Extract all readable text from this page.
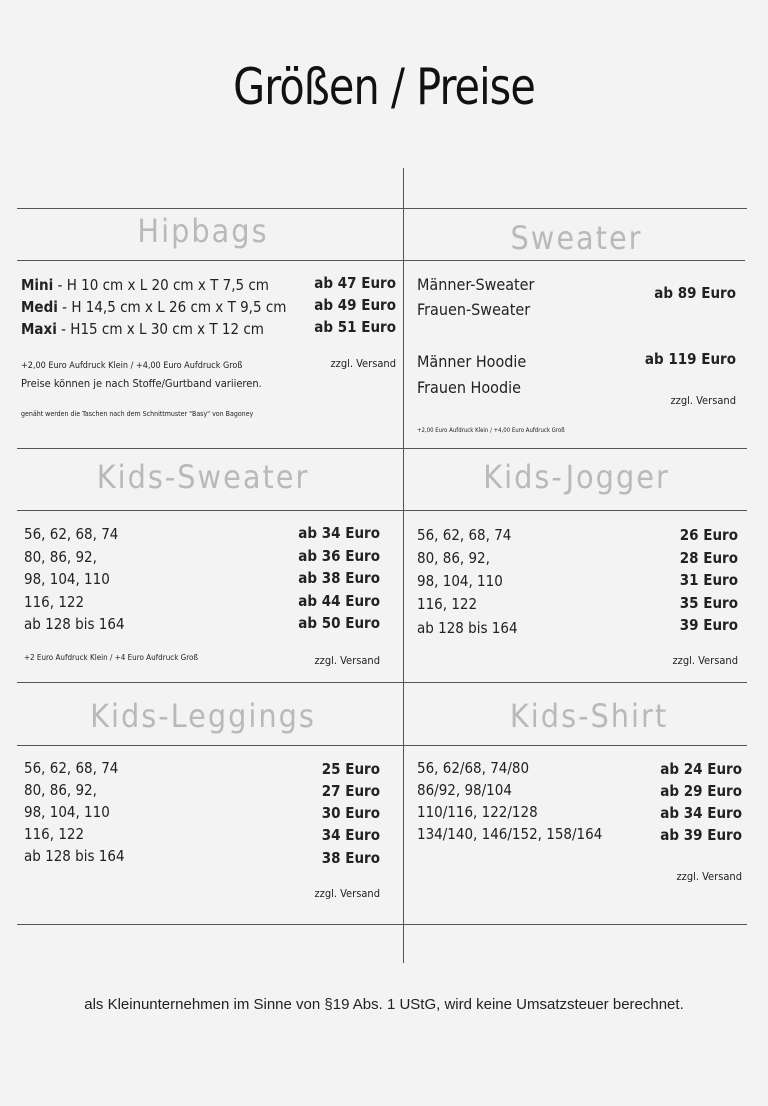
Größen / Preise
Hipbags
Mini - H 10 cm x L 20 cm x T 7,5 cm	ab 47 Euro
Medi - H 14,5 cm x L 26 cm x T 9,5 cm ab 49 Euro
Maxi - H15 cm x L 30 cm x T 12 cm	ab 51 Euro
+2,00 Euro Aufdruck Klein / +4,00 Euro Aufdruck Groß
Preise können je nach Stoffe/Gurtband variieren.
genäht werden die Taschen nach dem Schnittmuster "Basy" von Bagoney
zzgl. Versand
Sweater
Männer-Sweater
Frauen-Sweater
ab 89 Euro
Männer Hoodie
Frauen Hoodie
ab 119 Euro
zzgl. Versand
+2,00 Euro Aufdruck Klein / +4,00 Euro Aufdruck Groß
Kids-Sweater
56, 62, 68, 74	ab 34 Euro
80, 86, 92,	ab 36 Euro
98, 104, 110	ab 38 Euro
116, 122	ab 44 Euro
ab 128 bis 164	ab 50 Euro
+2 Euro Aufdruck Klein / +4 Euro Aufdruck Groß	zzgl. Versand
Kids-Jogger
56, 62, 68, 74	26 Euro
80, 86, 92,	28 Euro
98, 104, 110	31 Euro
116, 122	35 Euro
ab 128 bis 164	39 Euro
zzgl. Versand
Kids-Leggings
56, 62, 68, 74	25 Euro
80, 86, 92,	27 Euro
98, 104, 110	30 Euro
116, 122	34 Euro
ab 128 bis 164	38 Euro
zzgl. Versand
Kids-Shirt
56, 62/68, 74/80	ab 24 Euro
86/92, 98/104	ab 29 Euro
110/116, 122/128	ab 34 Euro
134/140, 146/152, 158/164	ab 39 Euro
zzgl. Versand
als Kleinunternehmen im Sinne von §19 Abs. 1 UStG, wird keine Umsatzsteuer berechnet.
